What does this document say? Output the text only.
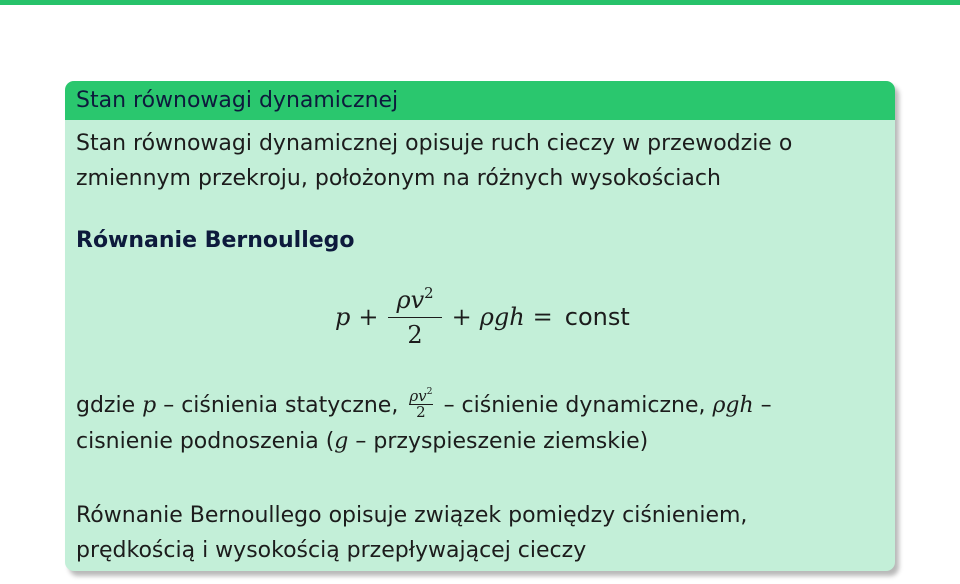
Stan równowagi dynamicznej
Stan równowagi dynamicznej opisuje ruch cieczy w przewodzie o
zmiennym przekroju, położonym na różnych wysokościach
Równanie Bernoullego
$p + \frac{\rho v^2}{2} + \rho gh$ = const
gdzie p – ciśnienia statyczne, $\frac{\rho v^2}{2}$ – ciśnienie dynamiczne, ρgh –
cisnienie podnoszenia (g – przyspieszenie ziemskie)
Równanie Bernoullego opisuje związek pomiędzy ciśnieniem,
prędkością i wysokością przepływającej cieczy
